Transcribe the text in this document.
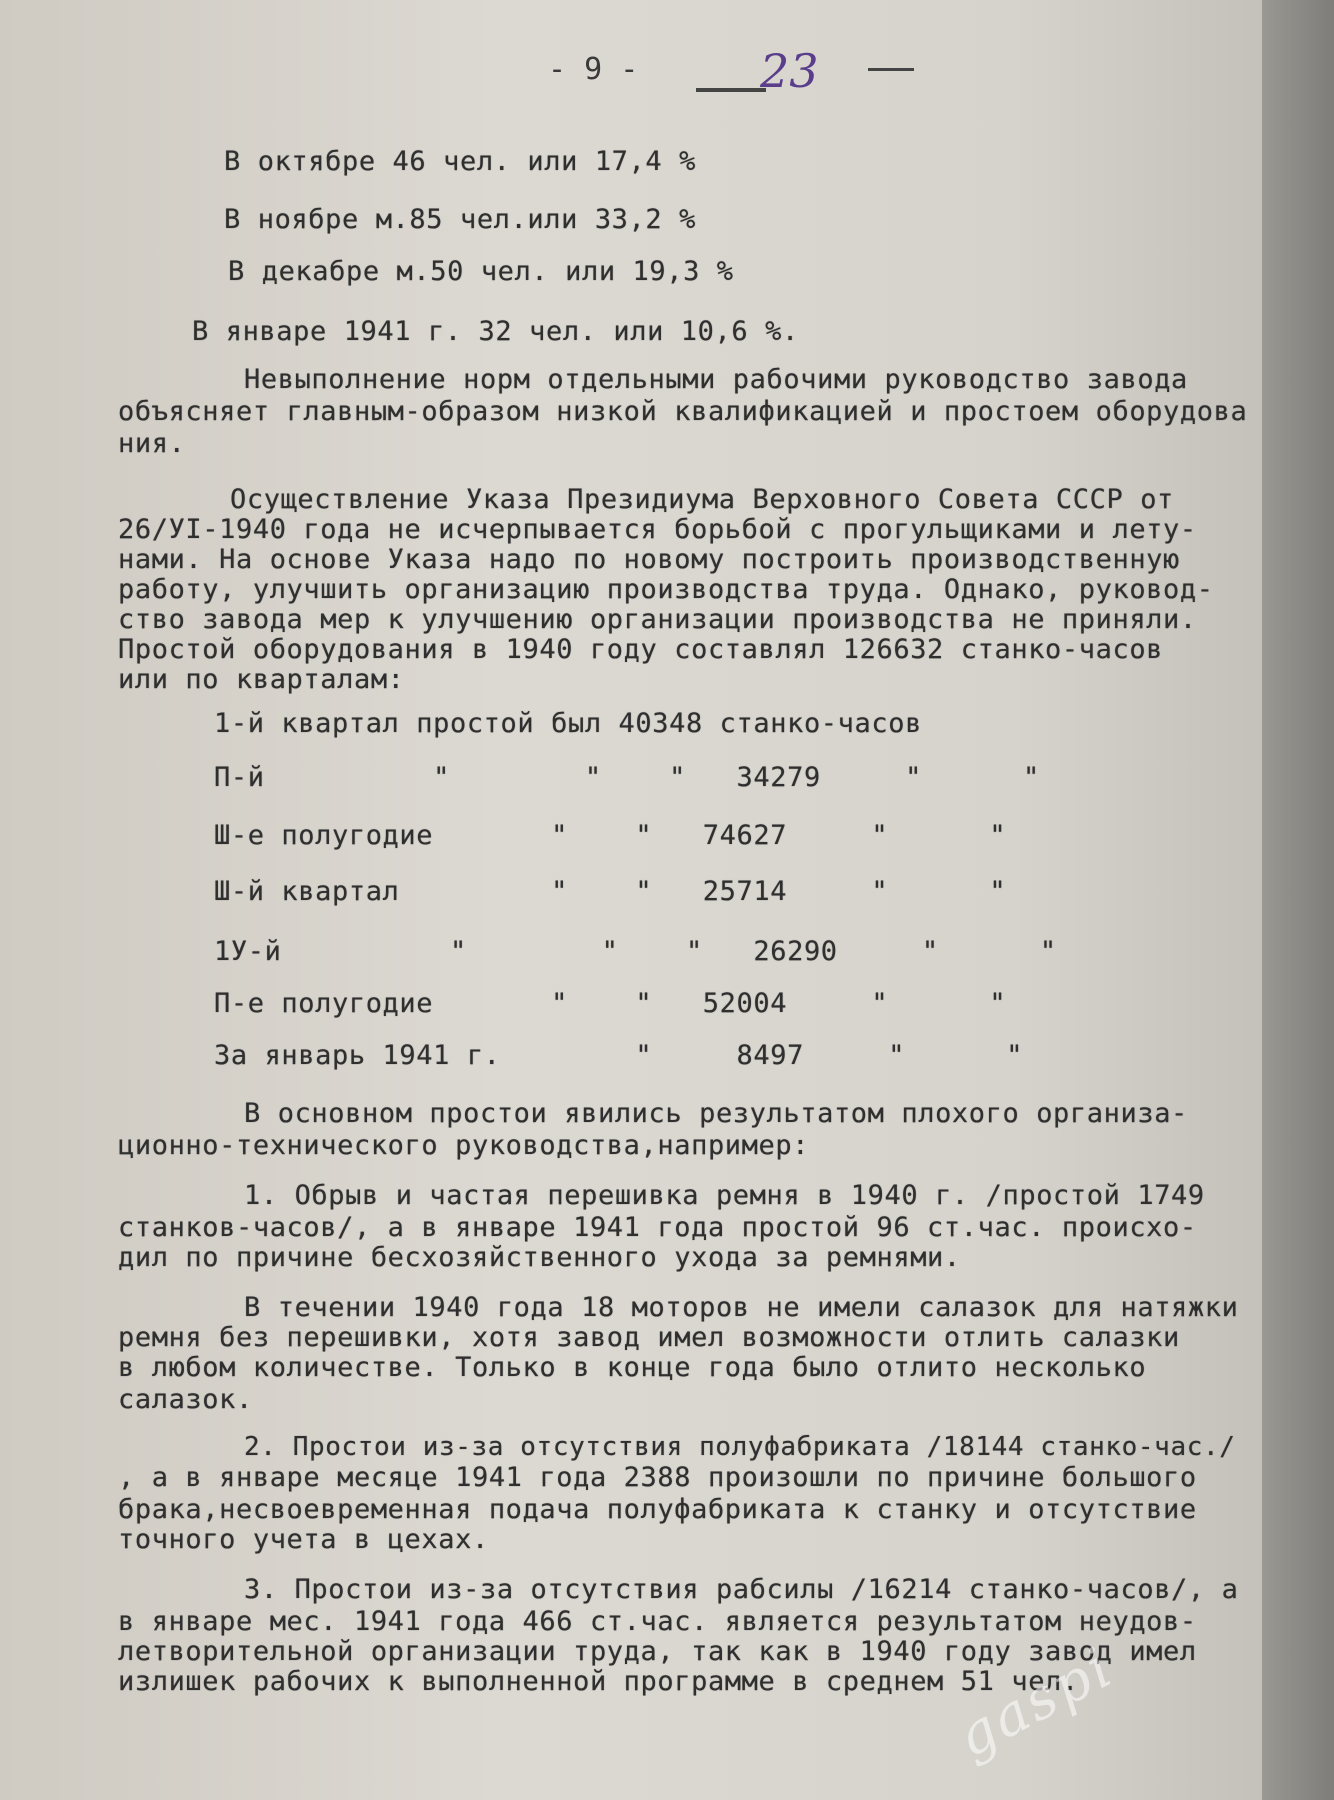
- 9 -	23
В октябре 46 чел. или 17,4 %
В ноябре м.85 чел.или 33,2 %
В декабре м.50 чел. или 19,3 %
В январе 1941 г. 32 чел. или 10,6 %.
Невыполнение норм отдельными рабочими руководство завода
объясняет главным-образом низкой квалификацией и простоем оборудова
ния.
Осуществление Указа Президиума Верховного Совета СССР от
26/УI-1940 года не исчерпывается борьбой с прогульщиками и лету-
нами. На основе Указа надо по новому построить производственную
работу, улучшить организацию производства труда. Однако, руковод-
ство завода мер к улучшению организации производства не приняли.
Простой оборудования в 1940 году составлял 126632 станко-часов
или по кварталам:
1-й квартал простой был 40348 станко-часов
П-й          "        "    "   34279     "      "
Ш-е полугодие       "    "   74627     "      "
Ш-й квартал         "    "   25714     "      "
1У-й          "        "    "   26290     "      "
П-е полугодие       "    "   52004     "      "
За январь 1941 г.        "     8497     "      "
В основном простои явились результатом плохого организа-
ционно-технического руководства,например:
1. Обрыв и частая перешивка ремня в 1940 г. /простой 1749
станков-часов/, а в январе 1941 года простой 96 ст.час. происхо-
дил по причине бесхозяйственного ухода за ремнями.
В течении 1940 года 18 моторов не имели салазок для натяжки
ремня без перешивки, хотя завод имел возможности отлить салазки
в любом количестве. Только в конце года было отлито несколько
салазок.
2. Простои из-за отсутствия полуфабриката /18144 станко-час./
, а в январе месяце 1941 года 2388 произошли по причине большого
брака,несвоевременная подача полуфабриката к станку и отсутствие
точного учета в цехах.
3. Простои из-за отсутствия рабсилы /16214 станко-часов/, а
в январе мес. 1941 года 466 ст.час. является результатом неудов-
летворительной организации труда, так как в 1940 году завод имел
излишек рабочих к выполненной программе в среднем 51 чел.
gaspi
